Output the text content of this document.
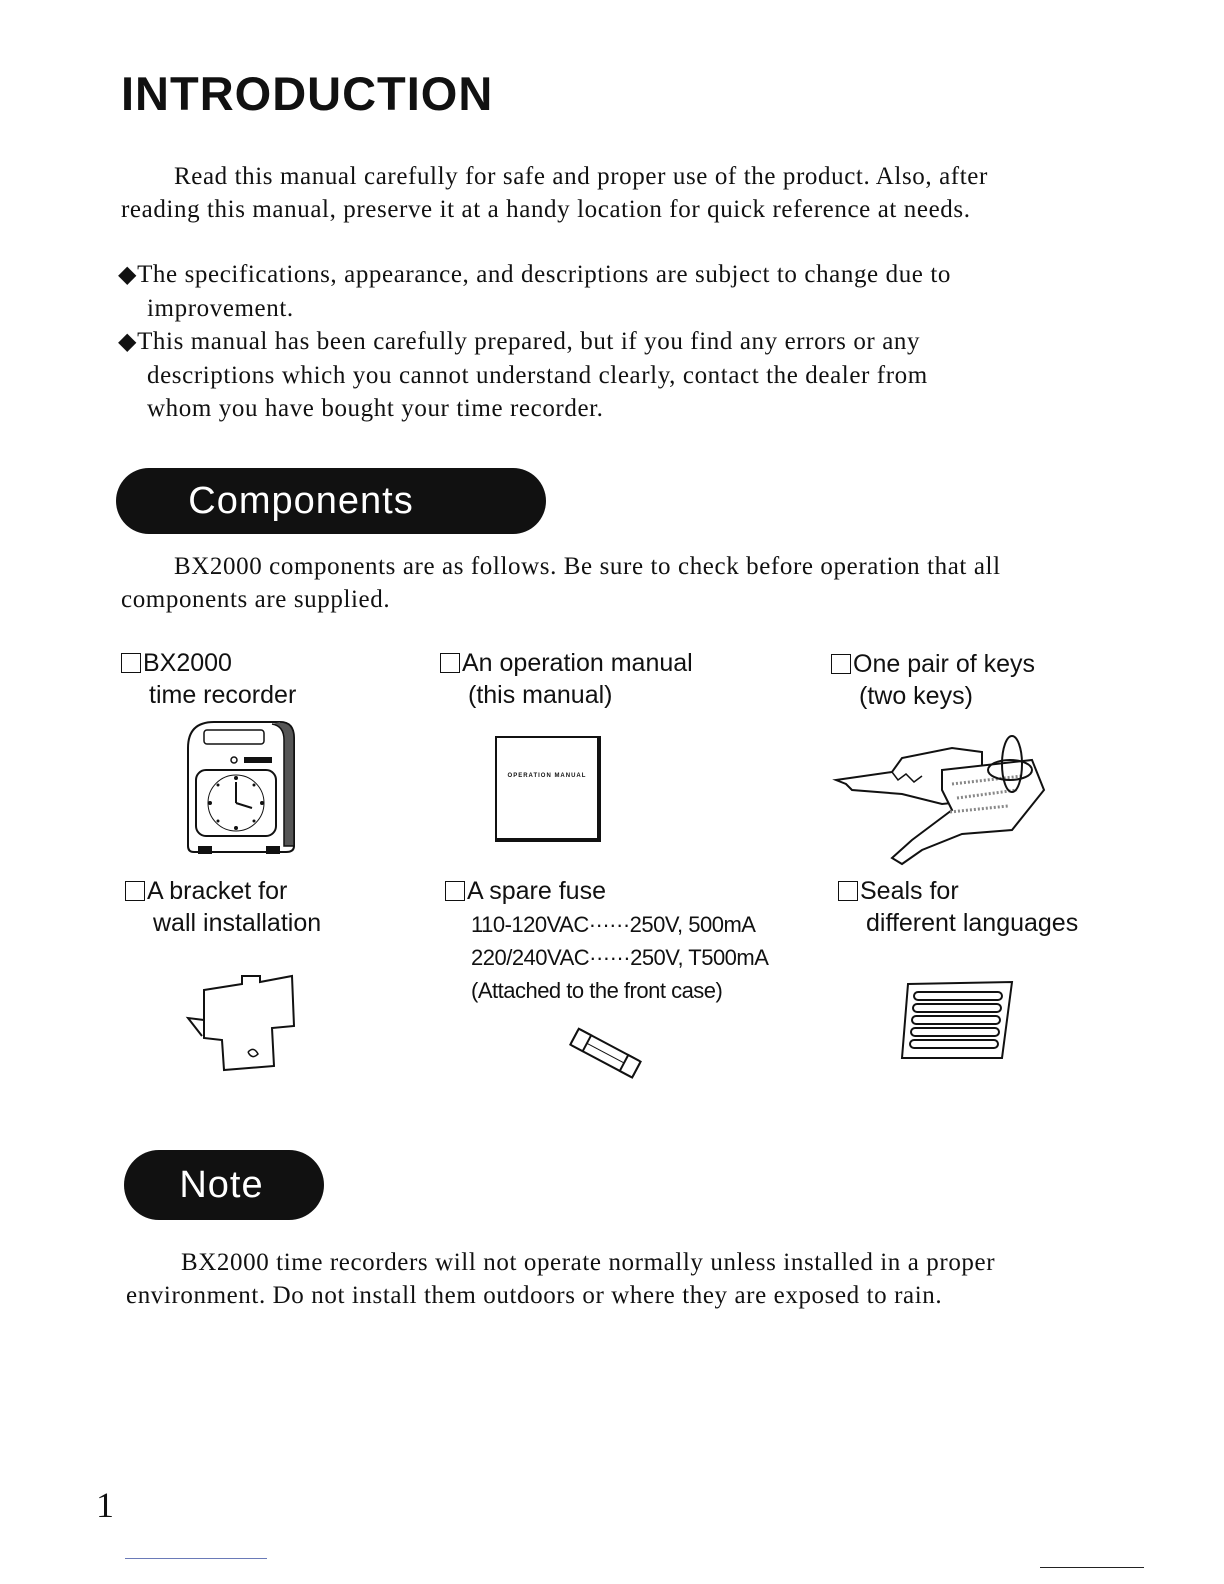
INTRODUCTION
Read this manual carefully for safe and proper use of the product. Also, after
reading this manual, preserve it at a handy location for quick reference at needs.
◆The specifications, appearance, and descriptions are subject to change due to
improvement.
◆This manual has been carefully prepared, but if you find any errors or any
descriptions which you cannot understand clearly, contact the dealer from
whom you have bought your time recorder.
Components
BX2000 components are as follows. Be sure to check before operation that all
components are supplied.
BX2000
time recorder
An operation manual
(this manual)
OPERATION MANUAL
One pair of keys
(two keys)
A bracket for
wall installation
A spare fuse
110-120VAC······250V, 500mA
220/240VAC······250V, T500mA
(Attached to the front case)
Seals for
different languages
Note
BX2000 time recorders will not operate normally unless installed in a proper
environment. Do not install them outdoors or where they are exposed to rain.
1
